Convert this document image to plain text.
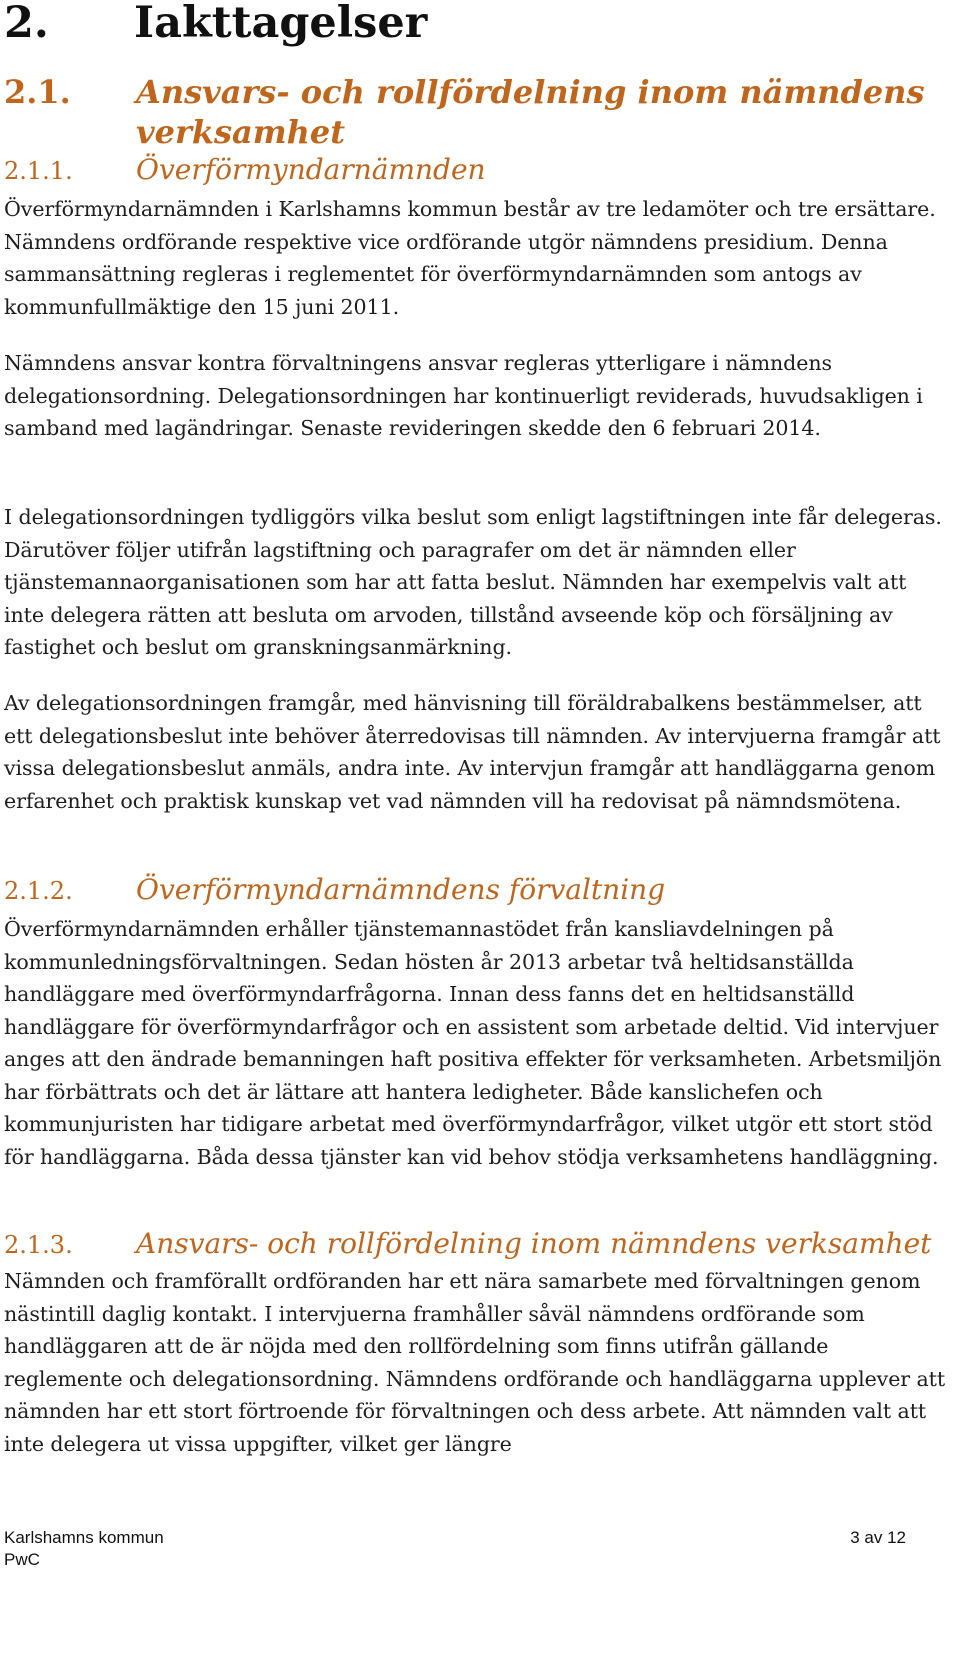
2. Iakttagelser
2.1. Ansvars- och rollfördelning inom nämndens verksamhet
2.1.1. Överförmyndarnämnden

Överförmyndarnämnden i Karlshamns kommun består av tre ledamöter och tre ersättare. Nämndens ordförande respektive vice ordförande utgör nämndens presidium. Denna sammansättning regleras i reglementet för överförmyndarnämnden som antogs av kommunfullmäktige den 15 juni 2011.

Nämndens ansvar kontra förvaltningens ansvar regleras ytterligare i nämndens delegationsordning. Delegationsordningen har kontinuerligt reviderads, huvudsakligen i samband med lagändringar. Senaste revideringen skedde den 6 februari 2014.

I delegationsordningen tydliggörs vilka beslut som enligt lagstiftningen inte får delegeras. Därutöver följer utifrån lagstiftning och paragrafer om det är nämnden eller tjänstemannaorganisationen som har att fatta beslut. Nämnden har exempelvis valt att inte delegera rätten att besluta om arvoden, tillstånd avseende köp och försäljning av fastighet och beslut om granskningsanmärkning.

Av delegationsordningen framgår, med hänvisning till föräldrabalkens bestämmelser, att ett delegationsbeslut inte behöver återredovisas till nämnden. Av intervjuerna framgår att vissa delegationsbeslut anmäls, andra inte. Av intervjun framgår att handläggarna genom erfarenhet och praktisk kunskap vet vad nämnden vill ha redovisat på nämndsmötena.

2.1.2. Överförmyndarnämndens förvaltning

Överförmyndarnämnden erhåller tjänstemannastödet från kansliavdelningen på kommunledningsförvaltningen. Sedan hösten år 2013 arbetar två heltidsanställda handläggare med överförmyndarfrågorna. Innan dess fanns det en heltidsanställd handläggare för överförmyndarfrågor och en assistent som arbetade deltid. Vid intervjuer anges att den ändrade bemanningen haft positiva effekter för verksamheten. Arbetsmiljön har förbättrats och det är lättare att hantera ledigheter. Både kanslichefen och kommunjuristen har tidigare arbetat med överförmyndarfrågor, vilket utgör ett stort stöd för handläggarna. Båda dessa tjänster kan vid behov stödja verksamhetens handläggning.

2.1.3. Ansvars- och rollfördelning inom nämndens verksamhet

Nämnden och framförallt ordföranden har ett nära samarbete med förvaltningen genom nästintill daglig kontakt. I intervjuerna framhåller såväl nämndens ordförande som handläggaren att de är nöjda med den rollfördelning som finns utifrån gällande reglemente och delegationsordning. Nämndens ordförande och handläggarna upplever att nämnden har ett stort förtroende för förvaltningen och dess arbete. Att nämnden valt att inte delegera ut vissa uppgifter, vilket ger längre

Karlshamns kommun	3 av 12
PwC
